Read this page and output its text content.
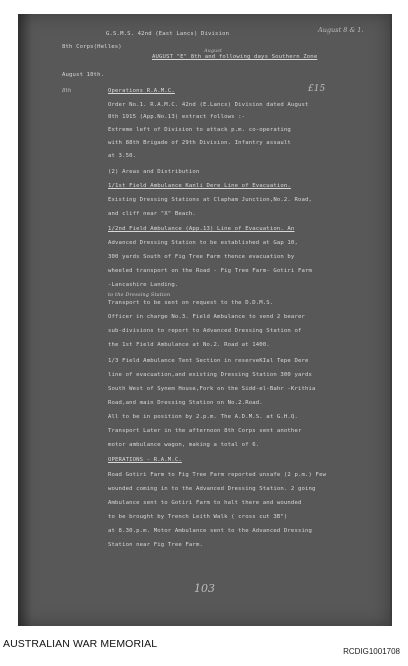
August 8 & 1.
August
8th	£15
G.S.M.S. 42nd (East Lancs) Division
8th Corps(Helles)
AUGUST "E" 8th and following days Southern Zone
August 10th.
Operations R.A.M.C.
Order No.1. R.A.M.C. 42nd (E.Lancs) Division dated August
8th 1915 (App.No.13) extract follows :-
Extreme left of Division to attack p.m. co-operating
with 88th Brigade of 29th Division. Infantry assault
at 3.50.
(2) Areas and Distribution
1/1st Field Ambulance Kanli Dere Line of Evacuation.
Existing Dressing Stations at Clapham Junction,No.2. Road,
and cliff near "X" Beach.
1/2nd Field Ambulance (App.13) Line of Evacuation. An
Advanced Dressing Station to be established at Gap 10,
300 yards South of Fig Tree Farm thence evacuation by
wheeled transport on the Road - Fig Tree Farm- Gotiri Farm
-Lancashire Landing.
to the Dressing Station
Transport to be sent on request to the D.D.M.S.
Officer in charge No.3. Field Ambulance to send 2 bearer
sub-divisions to report to Advanced Dressing Station of
the 1st Field Ambulance at No.2. Road at 1400.
1/3 Field Ambulance Tent Section in reserveKIal Tepe Dere
line of evacuation,and existing Dressing Station 300 yards
South West of Synem House,Fork on the Sidd-el-Bahr -Krithia
Road,and main Dressing Station on No.2.Road.
All to be in position by 2.p.m. The A.D.M.S. at G.H.Q.
Transport Later in the afternoon 8th Corps sent another
motor ambulance wagon, making a total of 6.
OPERATIONS - R.A.M.C.
Road Gotiri Farm to Fig Tree Farm reported unsafe (2 p.m.) Few
wounded coming in to the Advanced Dressing Station. 2 going
Ambulance sent to Gotiri Farm to halt there and wounded
to be brought by Trench Leith Walk ( cross cut 3B")
at 8.30.p.m. Motor Ambulance sent to the Advanced Dressing
Station near Fig Tree Farm.
103
AUSTRALIAN WAR MEMORIAL
RCDIG1001708
